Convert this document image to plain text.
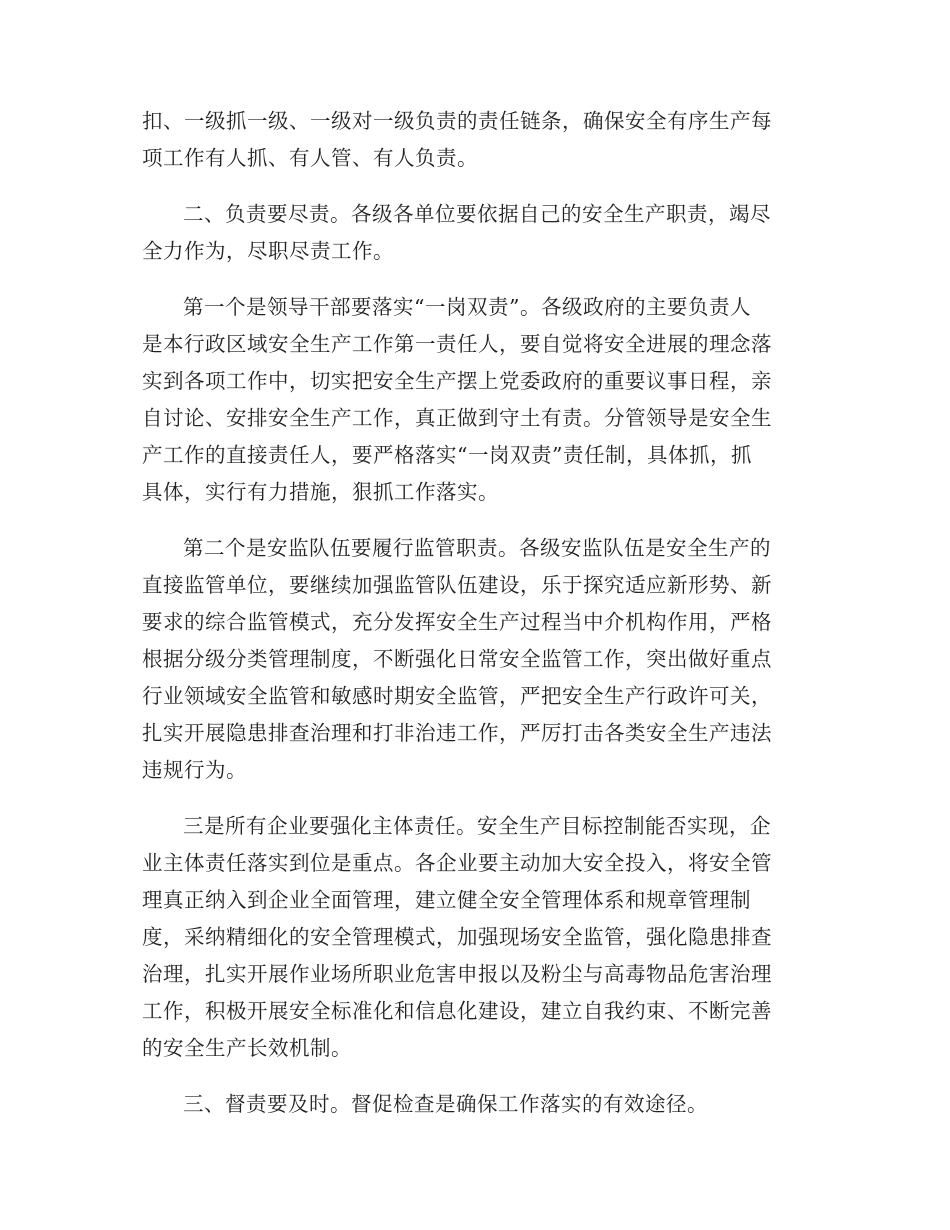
扣、一级抓一级、一级对一级负责的责任链条，确保安全有序生产每
项工作有人抓、有人管、有人负责。
二、负责要尽责。各级各单位要依据自己的安全生产职责，竭尽
全力作为，尽职尽责工作。
第一个是领导干部要落实“一岗双责”。各级政府的主要负责人
是本行政区域安全生产工作第一责任人，要自觉将安全进展的理念落
实到各项工作中，切实把安全生产摆上党委政府的重要议事日程，亲
自讨论、安排安全生产工作，真正做到守土有责。分管领导是安全生
产工作的直接责任人，要严格落实“一岗双责”责任制，具体抓，抓
具体，实行有力措施，狠抓工作落实。
第二个是安监队伍要履行监管职责。各级安监队伍是安全生产的
直接监管单位，要继续加强监管队伍建设，乐于探究适应新形势、新
要求的综合监管模式，充分发挥安全生产过程当中介机构作用，严格
根据分级分类管理制度，不断强化日常安全监管工作，突出做好重点
行业领域安全监管和敏感时期安全监管，严把安全生产行政许可关，
扎实开展隐患排查治理和打非治违工作，严厉打击各类安全生产违法
违规行为。
三是所有企业要强化主体责任。安全生产目标控制能否实现，企
业主体责任落实到位是重点。各企业要主动加大安全投入，将安全管
理真正纳入到企业全面管理，建立健全安全管理体系和规章管理制
度，采纳精细化的安全管理模式，加强现场安全监管，强化隐患排查
治理，扎实开展作业场所职业危害申报以及粉尘与高毒物品危害治理
工作，积极开展安全标准化和信息化建设，建立自我约束、不断完善
的安全生产长效机制。
三、督责要及时。督促检查是确保工作落实的有效途径。
